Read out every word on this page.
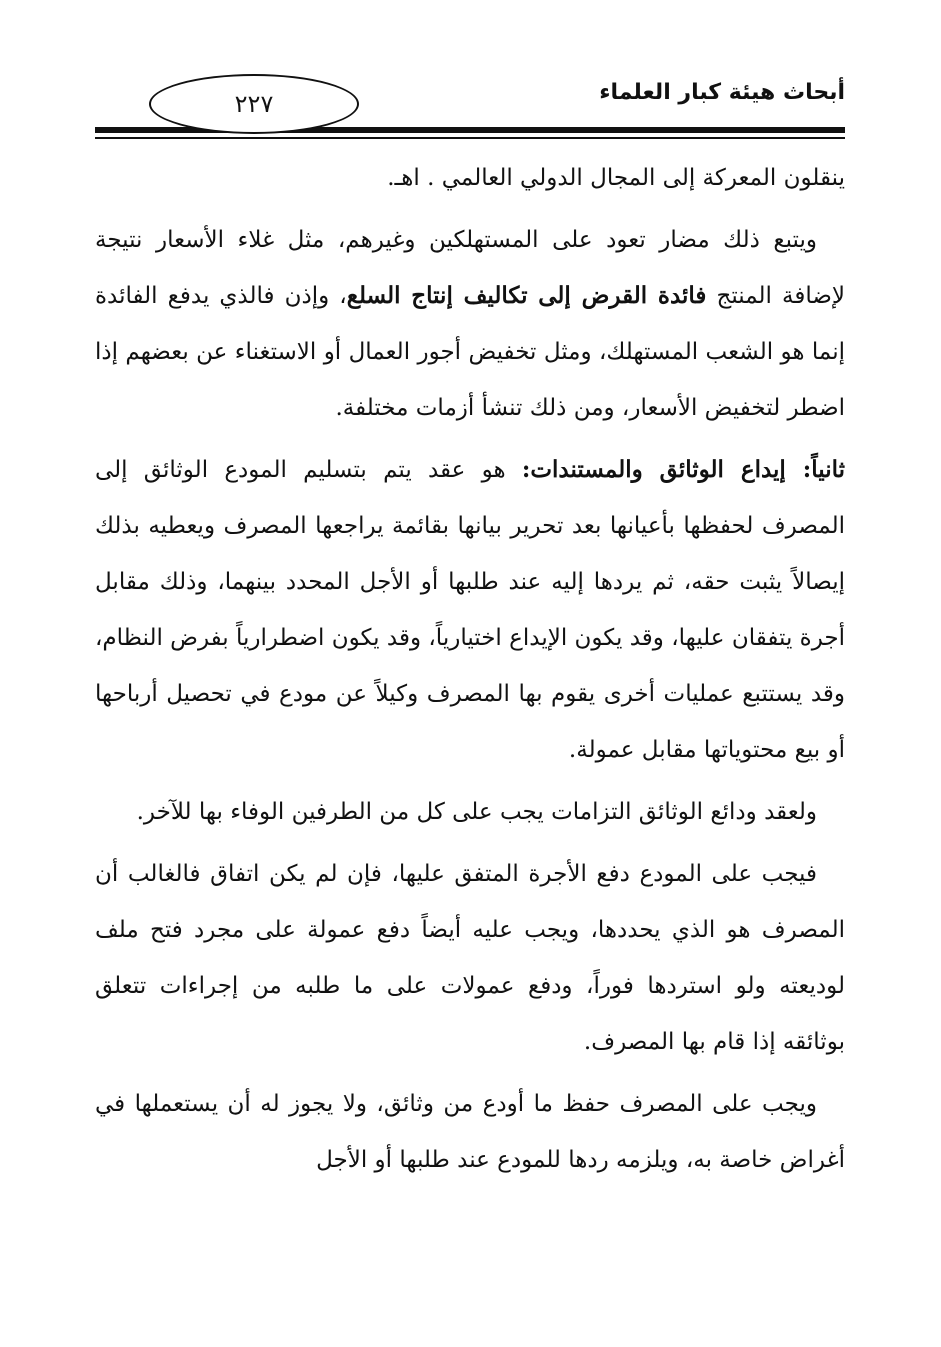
أبحاث هيئة كبار العلماء
٢٢٧

ينقلون المعركة إلى المجال الدولي العالمي . اهـ.

ويتبع ذلك مضار تعود على المستهلكين وغيرهم، مثل غلاء الأسعار نتيجة لإضافة المنتج فائدة القرض إلى تكاليف إنتاج السلع، وإذن فالذي يدفع الفائدة إنما هو الشعب المستهلك، ومثل تخفيض أجور العمال أو الاستغناء عن بعضهم إذا اضطر لتخفيض الأسعار، ومن ذلك تنشأ أزمات مختلفة.

ثانياً: إيداع الوثائق والمستندات: هو عقد يتم بتسليم المودع الوثائق إلى المصرف لحفظها بأعيانها بعد تحرير بيانها بقائمة يراجعها المصرف ويعطيه بذلك إيصالاً يثبت حقه، ثم يردها إليه عند طلبها أو الأجل المحدد بينهما، وذلك مقابل أجرة يتفقان عليها، وقد يكون الإيداع اختيارياً، وقد يكون اضطرارياً بفرض النظام، وقد يستتبع عمليات أخرى يقوم بها المصرف وكيلاً عن مودع في تحصيل أرباحها أو بيع محتوياتها مقابل عمولة.

ولعقد ودائع الوثائق التزامات يجب على كل من الطرفين الوفاء بها للآخر.

فيجب على المودع دفع الأجرة المتفق عليها، فإن لم يكن اتفاق فالغالب أن المصرف هو الذي يحددها، ويجب عليه أيضاً دفع عمولة على مجرد فتح ملف لوديعته ولو استردها فوراً، ودفع عمولات على ما طلبه من إجراءات تتعلق بوثائقه إذا قام بها المصرف.

ويجب على المصرف حفظ ما أودع من وثائق، ولا يجوز له أن يستعملها في أغراض خاصة به، ويلزمه ردها للمودع عند طلبها أو الأجل
